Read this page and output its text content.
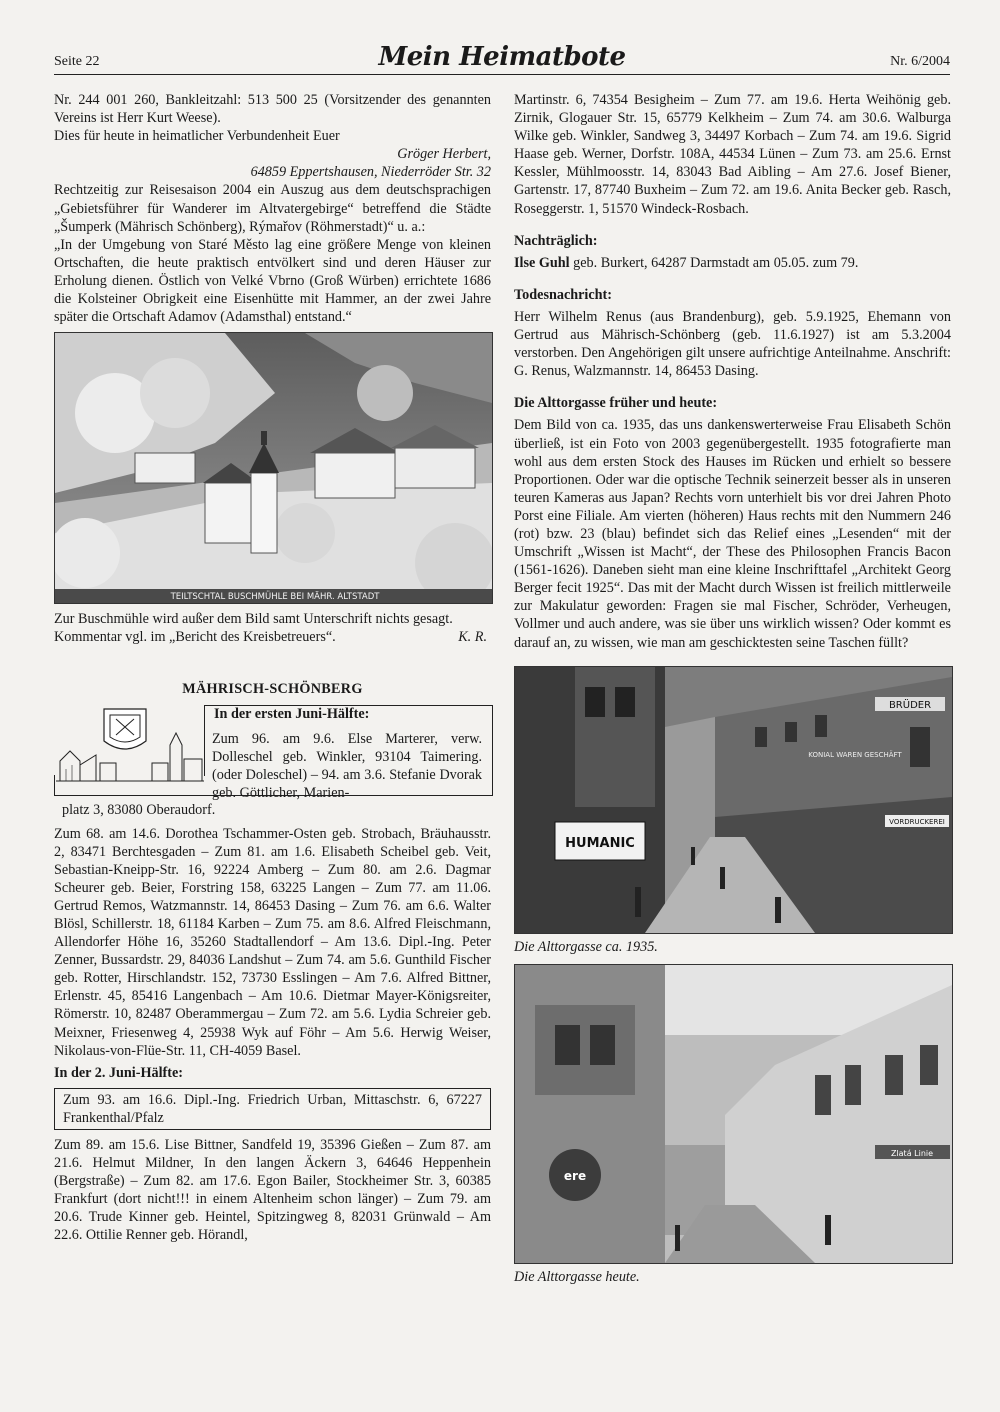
Seite 22	Mein Heimatbote	Nr. 6/2004

Nr. 244 001 260, Bankleitzahl: 513 500 25 (Vorsitzender des genannten Vereins ist Herr Kurt Weese).

Dies für heute in heimatlicher Verbundenheit Euer

Gröger Herbert,

64859 Eppertshausen, Niederröder Str. 32

Rechtzeitig zur Reisesaison 2004 ein Auszug aus dem deutschsprachigen „Gebietsführer für Wanderer im Altvatergebirge“ betreffend die Städte „Šumperk (Mährisch Schönberg), Rýmařov (Röhmerstadt)“ u. a.:

„In der Umgebung von Staré Město lag eine größere Menge von kleinen Ortschaften, die heute praktisch entvölkert sind und deren Häuser zur Erholung dienen. Östlich von Velké Vbrno (Groß Würben) errichtete 1686 die Kolsteiner Obrigkeit eine Eisenhütte mit Hammer, an der zwei Jahre später die Ortschaft Adamov (Adamsthal) entstand.“

TEILTSCHTAL BUSCHMÜHLE BEI MÄHR. ALTSTADT

Zur Buschmühle wird außer dem Bild samt Unterschrift nichts gesagt.

Kommentar vgl. im „Bericht des Kreisbetreuers“.	K. R.

MÄHRISCH-SCHÖNBERG
In der ersten Juni-Hälfte:
Zum 96. am 9.6. Else Marterer, verw. Dolleschel geb. Winkler, 93104 Taimering. (oder Doleschel) – 94. am 3.6. Stefanie Dvorak geb. Göttlicher, Marien-
platz 3, 83080 Oberaudorf.

Zum 68. am 14.6. Dorothea Tschammer-Osten geb. Strobach, Bräuhausstr. 2, 83471 Berchtesgaden – Zum 81. am 1.6. Elisabeth Scheibel geb. Veit, Sebastian-Kneipp-Str. 16, 92224 Amberg – Zum 80. am 2.6. Dagmar Scheurer geb. Beier, Forstring 158, 63225 Langen – Zum 77. am 11.06. Gertrud Remos, Watzmannstr. 14, 86453 Dasing – Zum 76. am 6.6. Walter Blösl, Schillerstr. 18, 61184 Karben – Zum 75. am 8.6. Alfred Fleischmann, Allendorfer Höhe 16, 35260 Stadtallendorf – Am 13.6. Dipl.-Ing. Peter Zenner, Bussardstr. 29, 84036 Landshut – Zum 74. am 5.6. Gunthild Fischer geb. Rotter, Hirschlandstr. 152, 73730 Esslingen – Am 7.6. Alfred Bittner, Erlenstr. 45, 85416 Langenbach – Am 10.6. Dietmar Mayer-Königsreiter, Römerstr. 10, 82487 Oberammergau – Zum 72. am 5.6. Lydia Schreier geb. Meixner, Friesenweg 4, 25938 Wyk auf Föhr – Am 5.6. Herwig Weiser, Nikolaus-von-Flüe-Str. 11, CH-4059 Basel.

In der 2. Juni-Hälfte:
Zum 93. am 16.6. Dipl.-Ing. Friedrich Urban, Mittaschstr. 6, 67227 Frankenthal/Pfalz

Zum 89. am 15.6. Lise Bittner, Sandfeld 19, 35396 Gießen – Zum 87. am 21.6. Helmut Mildner, In den langen Äckern 3, 64646 Heppenhein (Bergstraße) – Zum 82. am 17.6. Egon Bailer, Stockheimer Str. 3, 60385 Frankfurt (dort nicht!!! in einem Altenheim schon länger) – Zum 79. am 20.6. Trude Kinner geb. Heintel, Spitzingweg 8, 82031 Grünwald – Am 22.6. Ottilie Renner geb. Hörandl,

Martinstr. 6, 74354 Besigheim – Zum 77. am 19.6. Herta Weihönig geb. Zirnik, Glogauer Str. 15, 65779 Kelkheim – Zum 74. am 30.6. Walburga Wilke geb. Winkler, Sandweg 3, 34497 Korbach – Zum 74. am 19.6. Sigrid Haase geb. Werner, Dorfstr. 108A, 44534 Lünen – Zum 73. am 25.6. Ernst Kessler, Mühlmoosstr. 14, 83043 Bad Aibling – Am 27.6. Josef Biener, Gartenstr. 17, 87740 Buxheim – Zum 72. am 19.6. Anita Becker geb. Rasch, Roseggerstr. 1, 51570 Windeck-Rosbach.

Nachträglich:

Ilse Guhl geb. Burkert, 64287 Darmstadt am 05.05. zum 79.

Todesnachricht:

Herr Wilhelm Renus (aus Brandenburg), geb. 5.9.1925, Ehemann von Gertrud aus Mährisch-Schönberg (geb. 11.6.1927) ist am 5.3.2004 verstorben. Den Angehörigen gilt unsere aufrichtige Anteilnahme. Anschrift: G. Renus, Walzmannstr. 14, 86453 Dasing.

Die Alttorgasse früher und heute:

Dem Bild von ca. 1935, das uns dankenswerterweise Frau Elisabeth Schön überließ, ist ein Foto von 2003 gegenübergestellt. 1935 fotografierte man wohl aus dem ersten Stock des Hauses im Rücken und erhielt so bessere Proportionen. Oder war die optische Technik seinerzeit besser als in unseren teuren Kameras aus Japan? Rechts vorn unterhielt bis vor drei Jahren Photo Porst eine Filiale. Am vierten (höheren) Haus rechts mit den Nummern 246 (rot) bzw. 23 (blau) befindet sich das Relief eines „Lesenden“ mit der Umschrift „Wissen ist Macht“, der These des Philosophen Francis Bacon (1561-1626). Daneben sieht man eine kleine Inschrifttafel „Architekt Georg Berger fecit 1925“. Das mit der Macht durch Wissen ist freilich mittlerweile zur Makulatur geworden: Fragen sie mal Fischer, Schröder, Verheugen, Vollmer und auch andere, was sie über uns wirklich wissen? Oder kommt es darauf an, zu wissen, wie man am geschicktesten seine Taschen füllt?

HUMANIC
BRÜDER
KONIAL WAREN GESCHÄFT
VORDRUCKEREI

Die Alttorgasse ca. 1935.

ere
Zlatá Linie

Die Alttorgasse heute.
